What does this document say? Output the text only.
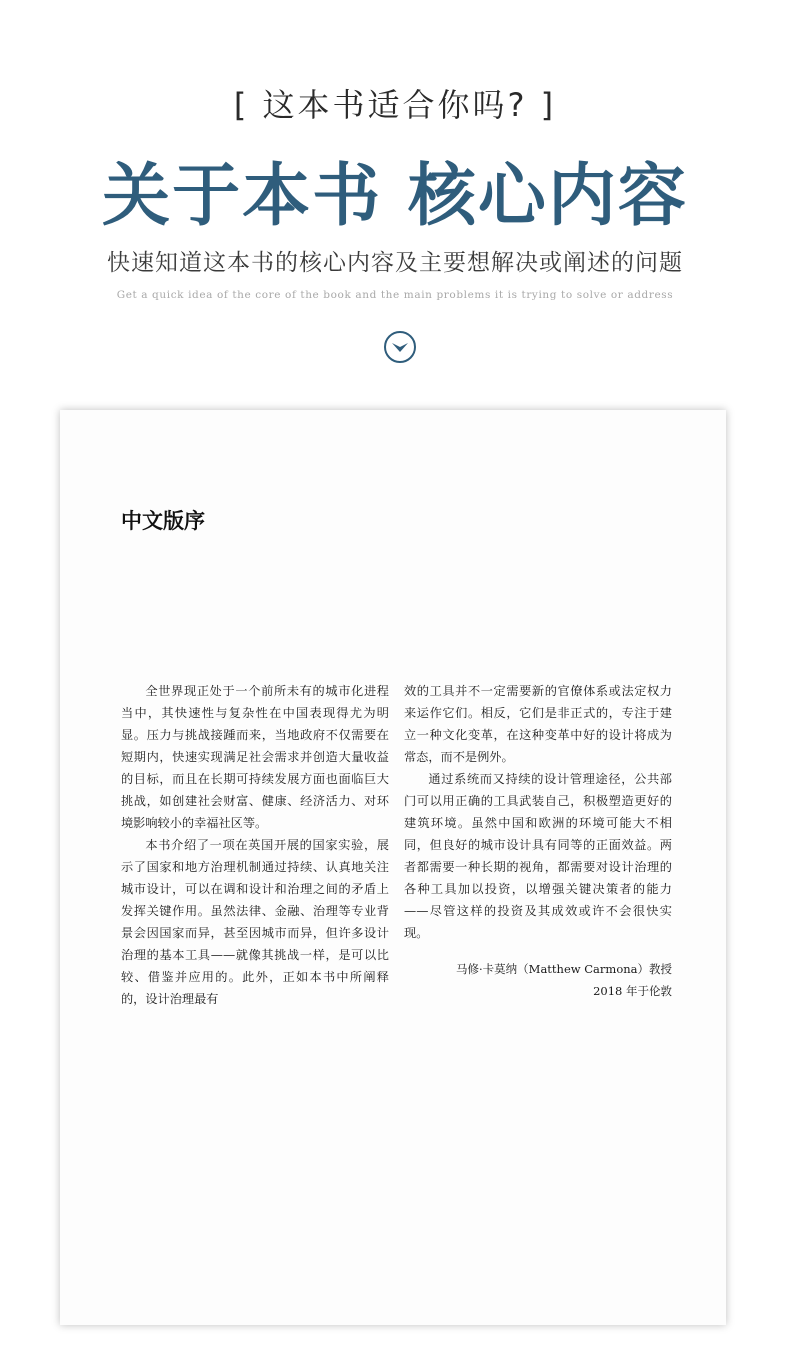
[ 这本书适合你吗? ]
关于本书 核心内容
快速知道这本书的核心内容及主要想解决或阐述的问题
Get a quick idea of the core of the book and the main problems it is trying to solve or address
中文版序

全世界现正处于一个前所未有的城市化进程当中，其快速性与复杂性在中国表现得尤为明显。压力与挑战接踵而来，当地政府不仅需要在短期内，快速实现满足社会需求并创造大量收益的目标，而且在长期可持续发展方面也面临巨大挑战，如创建社会财富、健康、经济活力、对环境影响较小的幸福社区等。

本书介绍了一项在英国开展的国家实验，展示了国家和地方治理机制通过持续、认真地关注城市设计，可以在调和设计和治理之间的矛盾上发挥关键作用。虽然法律、金融、治理等专业背景会因国家而异，甚至因城市而异，但许多设计治理的基本工具——就像其挑战一样，是可以比较、借鉴并应用的。此外，正如本书中所阐释的，设计治理最有

效的工具并不一定需要新的官僚体系或法定权力来运作它们。相反，它们是非正式的，专注于建立一种文化变革，在这种变革中好的设计将成为常态，而不是例外。

通过系统而又持续的设计管理途径，公共部门可以用正确的工具武装自己，积极塑造更好的建筑环境。虽然中国和欧洲的环境可能大不相同，但良好的城市设计具有同等的正面效益。两者都需要一种长期的视角，都需要对设计治理的各种工具加以投资，以增强关键决策者的能力——尽管这样的投资及其成效或许不会很快实现。

马修·卡莫纳（Matthew Carmona）教授
2018 年于伦敦
